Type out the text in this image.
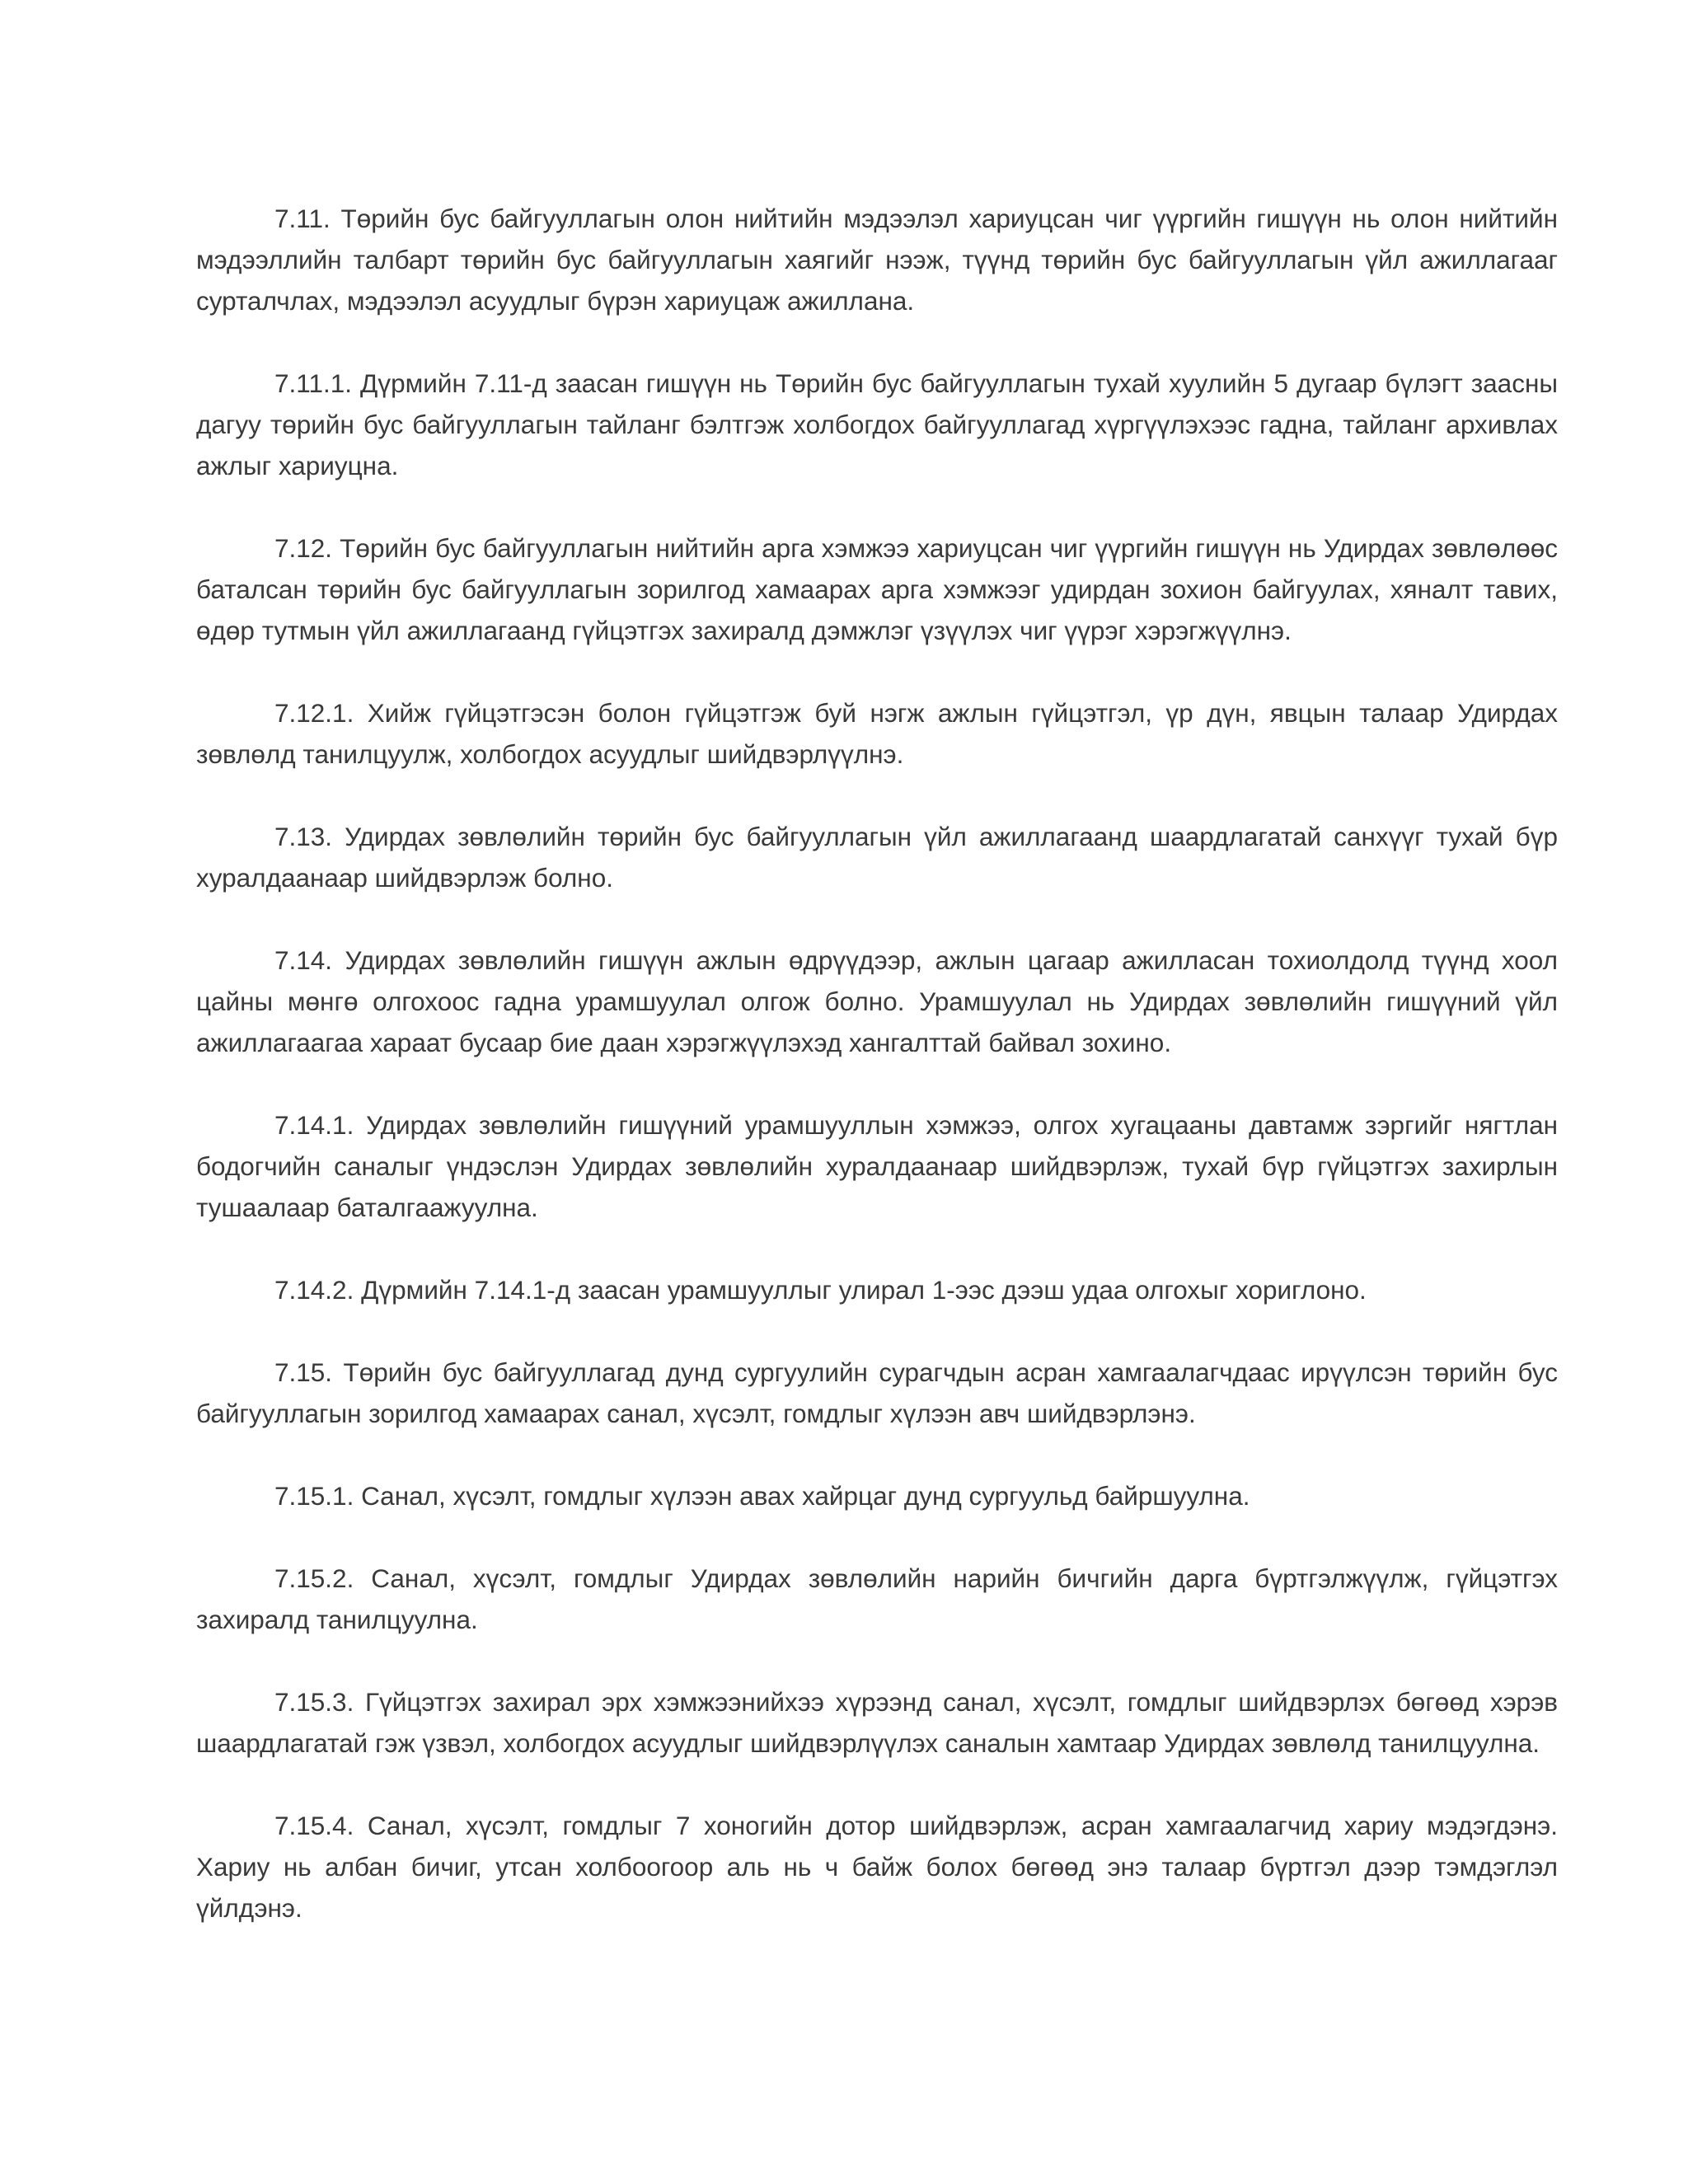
7.11. Төрийн бус байгууллагын олон нийтийн мэдээлэл хариуцсан чиг үүргийн гишүүн нь олон нийтийн мэдээллийн талбарт төрийн бус байгууллагын хаягийг нээж, түүнд төрийн бус байгууллагын үйл ажиллагааг сурталчлах, мэдээлэл асуудлыг бүрэн хариуцаж ажиллана.

7.11.1. Дүрмийн 7.11-д заасан гишүүн нь Төрийн бус байгууллагын тухай хуулийн 5 дугаар бүлэгт заасны дагуу төрийн бус байгууллагын тайланг бэлтгэж холбогдох байгууллагад хүргүүлэхээс гадна, тайланг архивлах ажлыг хариуцна.

7.12. Төрийн бус байгууллагын нийтийн арга хэмжээ хариуцсан чиг үүргийн гишүүн нь Удирдах зөвлөлөөс баталсан төрийн бус байгууллагын зорилгод хамаарах арга хэмжээг удирдан зохион байгуулах, хяналт тавих, өдөр тутмын үйл ажиллагаанд гүйцэтгэх захиралд дэмжлэг үзүүлэх чиг үүрэг хэрэгжүүлнэ.

7.12.1. Хийж гүйцэтгэсэн болон гүйцэтгэж буй нэгж ажлын гүйцэтгэл, үр дүн, явцын талаар Удирдах зөвлөлд танилцуулж, холбогдох асуудлыг шийдвэрлүүлнэ.

7.13. Удирдах зөвлөлийн төрийн бус байгууллагын үйл ажиллагаанд шаардлагатай санхүүг тухай бүр хуралдаанаар шийдвэрлэж болно.

7.14. Удирдах зөвлөлийн гишүүн ажлын өдрүүдээр, ажлын цагаар ажилласан тохиолдолд түүнд хоол цайны мөнгө олгохоос гадна урамшуулал олгож болно. Урамшуулал нь Удирдах зөвлөлийн гишүүний үйл ажиллагаагаа хараат бусаар бие даан хэрэгжүүлэхэд хангалттай байвал зохино.

7.14.1. Удирдах зөвлөлийн гишүүний урамшууллын хэмжээ, олгох хугацааны давтамж зэргийг нягтлан бодогчийн саналыг үндэслэн Удирдах зөвлөлийн хуралдаанаар шийдвэрлэж, тухай бүр гүйцэтгэх захирлын тушаалаар баталгаажуулна.

7.14.2. Дүрмийн 7.14.1-д заасан урамшууллыг улирал 1-ээс дээш удаа олгохыг хориглоно.

7.15. Төрийн бус байгууллагад дунд сургуулийн сурагчдын асран хамгаалагчдаас ирүүлсэн төрийн бус байгууллагын зорилгод хамаарах санал, хүсэлт, гомдлыг хүлээн авч шийдвэрлэнэ.

7.15.1. Санал, хүсэлт, гомдлыг хүлээн авах хайрцаг дунд сургуульд байршуулна.

7.15.2. Санал, хүсэлт, гомдлыг Удирдах зөвлөлийн нарийн бичгийн дарга бүртгэлжүүлж, гүйцэтгэх захиралд танилцуулна.

7.15.3. Гүйцэтгэх захирал эрх хэмжээнийхээ хүрээнд санал, хүсэлт, гомдлыг шийдвэрлэх бөгөөд хэрэв шаардлагатай гэж үзвэл, холбогдох асуудлыг шийдвэрлүүлэх саналын хамтаар Удирдах зөвлөлд танилцуулна.

7.15.4. Санал, хүсэлт, гомдлыг 7 хоногийн дотор шийдвэрлэж, асран хамгаалагчид хариу мэдэгдэнэ. Хариу нь албан бичиг, утсан холбоогоор аль нь ч байж болох бөгөөд энэ талаар бүртгэл дээр тэмдэглэл үйлдэнэ.
